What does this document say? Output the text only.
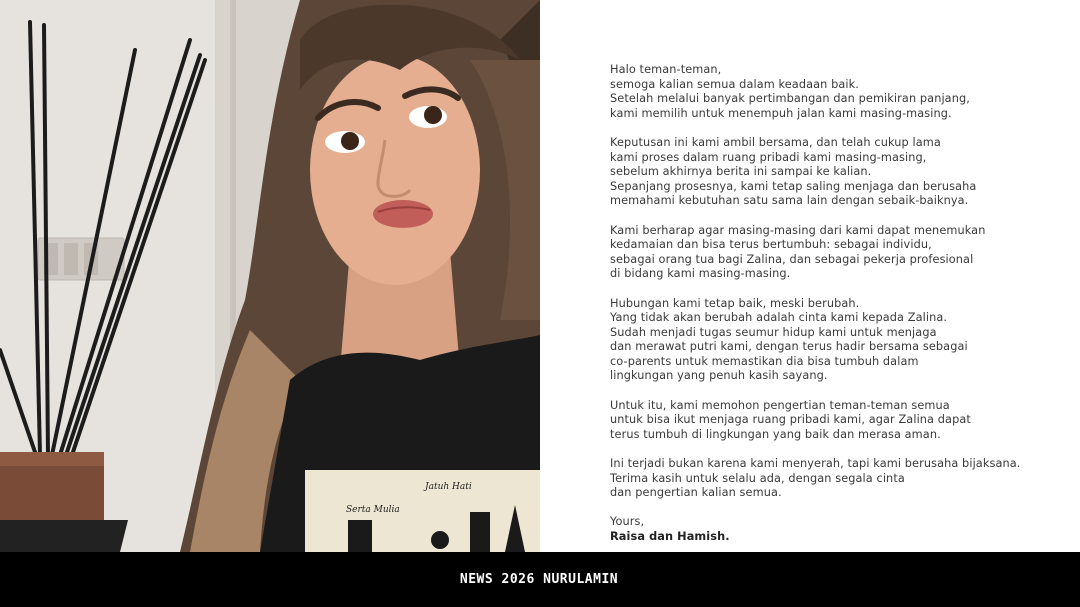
Jatuh Hati
Serta Mulia
Halo teman-teman,
semoga kalian semua dalam keadaan baik.
Setelah melalui banyak pertimbangan dan pemikiran panjang,
kami memilih untuk menempuh jalan kami masing-masing.
Keputusan ini kami ambil bersama, dan telah cukup lama
kami proses dalam ruang pribadi kami masing-masing,
sebelum akhirnya berita ini sampai ke kalian.
Sepanjang prosesnya, kami tetap saling menjaga dan berusaha
memahami kebutuhan satu sama lain dengan sebaik-baiknya.
Kami berharap agar masing-masing dari kami dapat menemukan
kedamaian dan bisa terus bertumbuh: sebagai individu,
sebagai orang tua bagi Zalina, dan sebagai pekerja profesional
di bidang kami masing-masing.
Hubungan kami tetap baik, meski berubah.
Yang tidak akan berubah adalah cinta kami kepada Zalina.
Sudah menjadi tugas seumur hidup kami untuk menjaga
dan merawat putri kami, dengan terus hadir bersama sebagai
co-parents untuk memastikan dia bisa tumbuh dalam
lingkungan yang penuh kasih sayang.
Untuk itu, kami memohon pengertian teman-teman semua
untuk bisa ikut menjaga ruang pribadi kami, agar Zalina dapat
terus tumbuh di lingkungan yang baik dan merasa aman.
Ini terjadi bukan karena kami menyerah, tapi kami berusaha bijaksana.
Terima kasih untuk selalu ada, dengan segala cinta
dan pengertian kalian semua.
Yours,
Raisa dan Hamish.
NEWS 2026 NURULAMIN
